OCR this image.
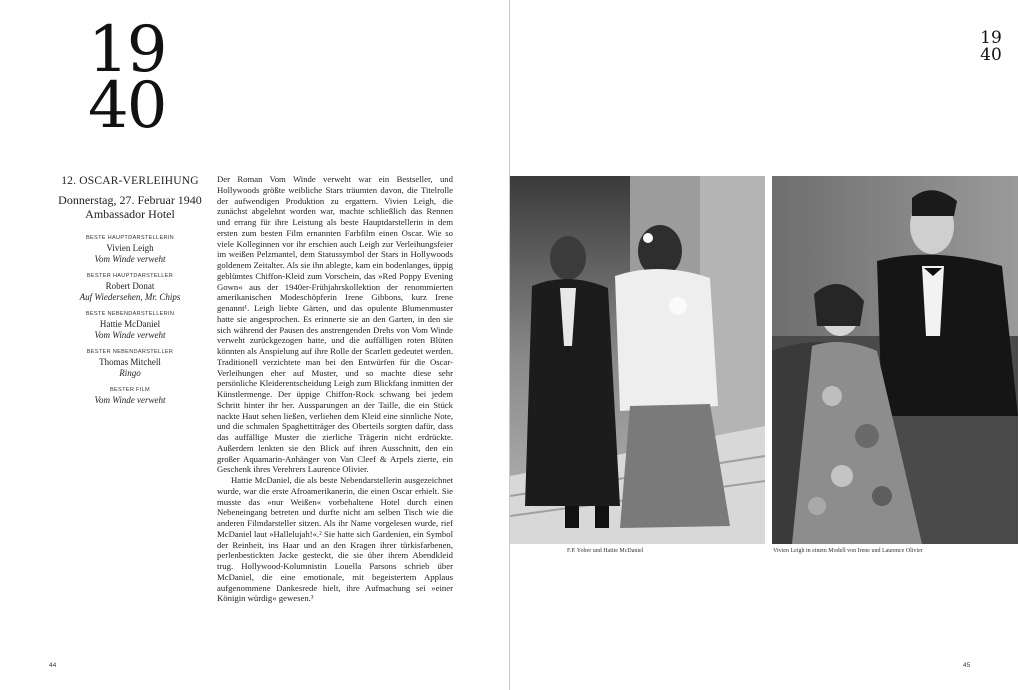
19
40
12. OSCAR-VERLEIHUNG
Donnerstag, 27. Februar 1940
Ambassador Hotel
BESTE HAUPTDARSTELLERIN
Vivien Leigh
Vom Winde verweht
BESTER HAUPTDARSTELLER
Robert Donat
Auf Wiedersehen, Mr. Chips
BESTE NEBENDARSTELLERIN
Hattie McDaniel
Vom Winde verweht
BESTER NEBENDARSTELLER
Thomas Mitchell
Ringo
BESTER FILM
Vom Winde verweht

Der Roman Vom Winde verweht war ein Bestseller, und Hollywoods größte weibliche Stars träumten davon, die Titelrolle der aufwendigen Produktion zu ergattern. Vivien Leigh, die zunächst abgelehnt worden war, machte schließlich das Rennen und errang für ihre Leistung als beste Hauptdarstellerin in dem ersten zum besten Film ernannten Farbfilm einen Oscar. Wie so viele Kolleginnen vor ihr erschien auch Leigh zur Verleihungsfeier im weißen Pelzmantel, dem Statussymbol der Stars in Hollywoods goldenem Zeitalter. Als sie ihn ablegte, kam ein bodenlanges, üppig geblümtes Chiffon-Kleid zum Vorschein, das »Red Poppy Evening Gown« aus der 1940er-Frühjahrskollektion der renommierten amerikanischen Modeschöpferin Irene Gibbons, kurz Irene genannt¹. Leigh liebte Gärten, und das opulente Blumenmuster hatte sie angesprochen. Es erinnerte sie an den Garten, in den sie sich während der Pausen des anstrengenden Drehs von Vom Winde verweht zurückgezogen hatte, und die auffälligen roten Blüten könnten als Anspielung auf ihre Rolle der Scarlett gedeutet werden. Traditionell verzichtete man bei den Entwürfen für die Oscar-Verleihungen eher auf Muster, und so machte diese sehr persönliche Kleiderentscheidung Leigh zum Blickfang inmitten der Künstlermenge. Der üppige Chiffon-Rock schwang bei jedem Schritt hinter ihr her. Aussparungen an der Taille, die ein Stück nackte Haut sehen ließen, verliehen dem Kleid eine sinnliche Note, und die schmalen Spaghettiträger des Oberteils sorgten dafür, dass das auffällige Muster die zierliche Trägerin nicht erdrückte. Außerdem lenkten sie den Blick auf ihren Ausschnitt, den ein großer Aquamarin-Anhänger von Van Cleef & Arpels zierte, ein Geschenk ihres Verehrers Laurence Olivier.

Hattie McDaniel, die als beste Nebendarstellerin ausgezeichnet wurde, war die erste Afroamerikanerin, die einen Oscar erhielt. Sie musste das »nur Weißen« vorbehaltene Hotel durch einen Nebeneingang betreten und durfte nicht am selben Tisch wie die anderen Filmdarsteller sitzen. Als ihr Name vorgelesen wurde, rief McDaniel laut »Hallelujah!«.² Sie hatte sich Gardenien, ein Symbol der Reinheit, ins Haar und an den Kragen ihrer türkisfarbenen, perlenbestickten Jacke gesteckt, die sie über ihrem Abendkleid trug. Hollywood-Kolumnistin Louella Parsons schrieb über McDaniel, die eine emotionale, mit begeistertem Applaus aufgenommene Dankesrede hielt, ihre Aufmachung sei »einer Königin würdig« gewesen.³

44
19
40
F.P. Yober und Hattie McDaniel	Vivien Leigh in einem Modell von Irene und Laurence Olivier
45
